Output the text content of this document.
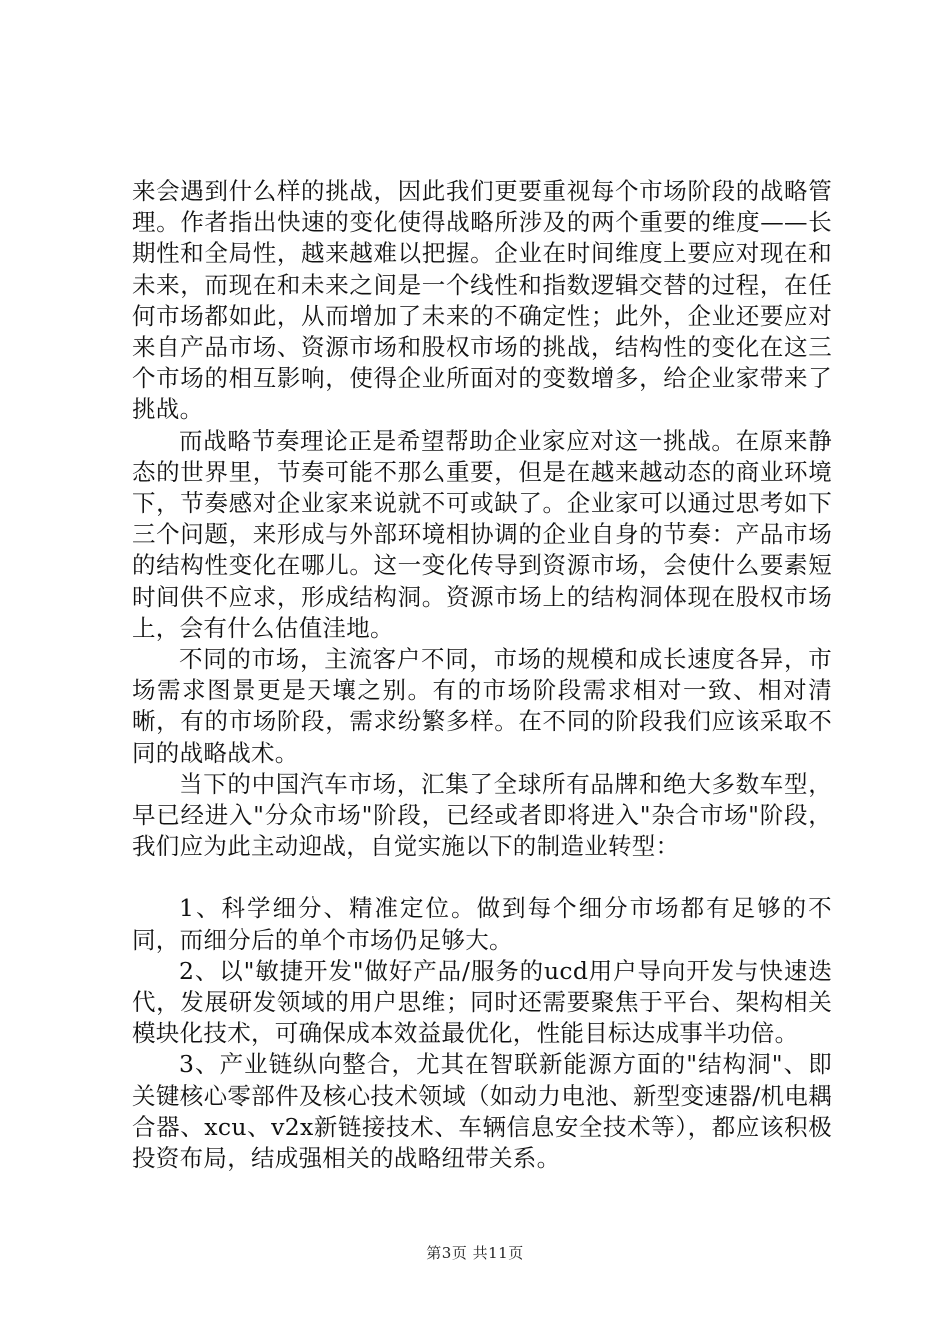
来会遇到什么样的挑战，因此我们更要重视每个市场阶段的战略管理。作者指出快速的变化使得战略所涉及的两个重要的维度——长期性和全局性，越来越难以把握。企业在时间维度上要应对现在和未来，而现在和未来之间是一个线性和指数逻辑交替的过程，在任何市场都如此，从而增加了未来的不确定性；此外，企业还要应对来自产品市场、资源市场和股权市场的挑战，结构性的变化在这三个市场的相互影响，使得企业所面对的变数增多，给企业家带来了挑战。

而战略节奏理论正是希望帮助企业家应对这一挑战。在原来静态的世界里，节奏可能不那么重要，但是在越来越动态的商业环境下，节奏感对企业家来说就不可或缺了。企业家可以通过思考如下三个问题，来形成与外部环境相协调的企业自身的节奏：产品市场的结构性变化在哪儿。这一变化传导到资源市场，会使什么要素短时间供不应求，形成结构洞。资源市场上的结构洞体现在股权市场上，会有什么估值洼地。

不同的市场，主流客户不同，市场的规模和成长速度各异，市场需求图景更是天壤之别。有的市场阶段需求相对一致、相对清晰，有的市场阶段，需求纷繁多样。在不同的阶段我们应该采取不同的战略战术。

当下的中国汽车市场，汇集了全球所有品牌和绝大多数车型，早已经进入"分众市场"阶段，已经或者即将进入"杂合市场"阶段，我们应为此主动迎战，自觉实施以下的制造业转型：

1、科学细分、精准定位。做到每个细分市场都有足够的不同，而细分后的单个市场仍足够大。

2、以"敏捷开发"做好产品/服务的ucd用户导向开发与快速迭代，发展研发领域的用户思维；同时还需要聚焦于平台、架构相关模块化技术，可确保成本效益最优化，性能目标达成事半功倍。

3、产业链纵向整合，尤其在智联新能源方面的"结构洞"、即关键核心零部件及核心技术领域（如动力电池、新型变速器/机电耦合器、xcu、v2x新链接技术、车辆信息安全技术等），都应该积极投资布局，结成强相关的战略纽带关系。

第3页 共11页
